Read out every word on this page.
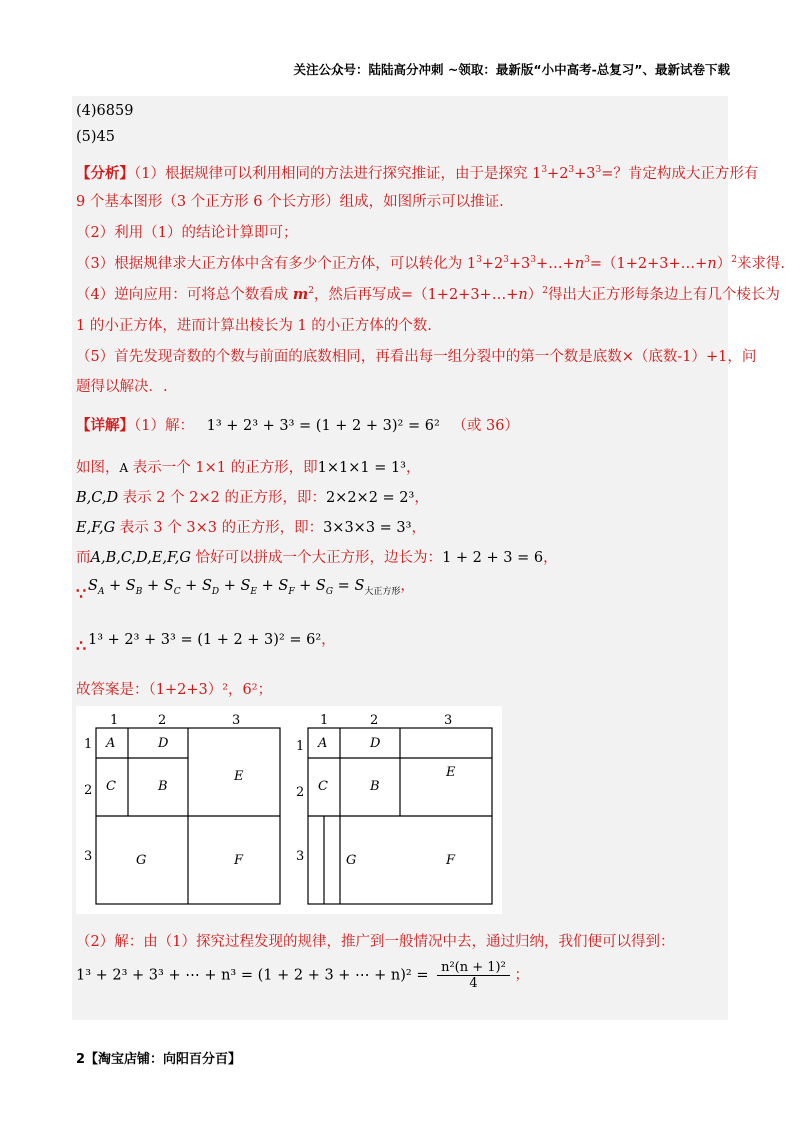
关注公众号：陆陆高分冲刺 ~领取：最新版“小中高考-总复习”、最新试卷下载
(4)6859
(5)45
【分析】（1）根据规律可以利用相同的方法进行探究推证，由于是探究 $1^3+2^3+3^3=$？肯定构成大正方形有
9 个基本图形（3 个正方形 6 个长方形）组成，如图所示可以推证.
（2）利用（1）的结论计算即可；
（3）根据规律求大正方体中含有多少个正方体，可以转化为 $1^3+2^3+3^3+\dots+n^3=(1+2+3+\dots+n)^2$来求得.
（4）逆向应用：可将总个数看成 $m^2$，然后再写成=（1+2+3+…+n）$^2$得出大正方形每条边上有几个棱长为
1 的小正方体，进而计算出棱长为 1 的小正方体的个数.
（5）首先发现奇数的个数与前面的底数相同，再看出每一组分裂中的第一个数是底数×（底数-1）+1，问
题得以解决．.
【详解】（1）解： 1³ + 2³ + 3³ = (1 + 2 + 3)² = 6² （或 36）
如图，A 表示一个 1×1 的正方形，即1×1×1 = 1³，
B,C,D 表示 2 个 2×2 的正方形，即：2×2×2 = 2³，
E,F,G 表示 3 个 3×3 的正方形，即：3×3×3 = 3³，
而A,B,C,D,E,F,G 恰好可以拼成一个大正方形，边长为：1 + 2 + 3 = 6，
$S_A + S_B + S_C + S_D + S_E + S_F + S_G = S_{大正方形}$，
∵
1³ + 2³ + 3³ = (1 + 2 + 3)² = 6²，
∴
故答案是：（1+2+3）²，6²；
1	2	3
1
2
3
1	2	3
1
2
3
A	D
E
C	B
G	F
A	D
E
C	B
G	F
（2）解：由（1）探究过程发现的规律，推广到一般情况中去，通过归纳，我们便可以得到：
1³ + 2³ + 3³ + ⋯ + n³ = (1 + 2 + 3 + ⋯ + $n)^2 = \frac{\text{n²(n + 1)²}}{4}$ ；
2【淘宝店铺：向阳百分百】
